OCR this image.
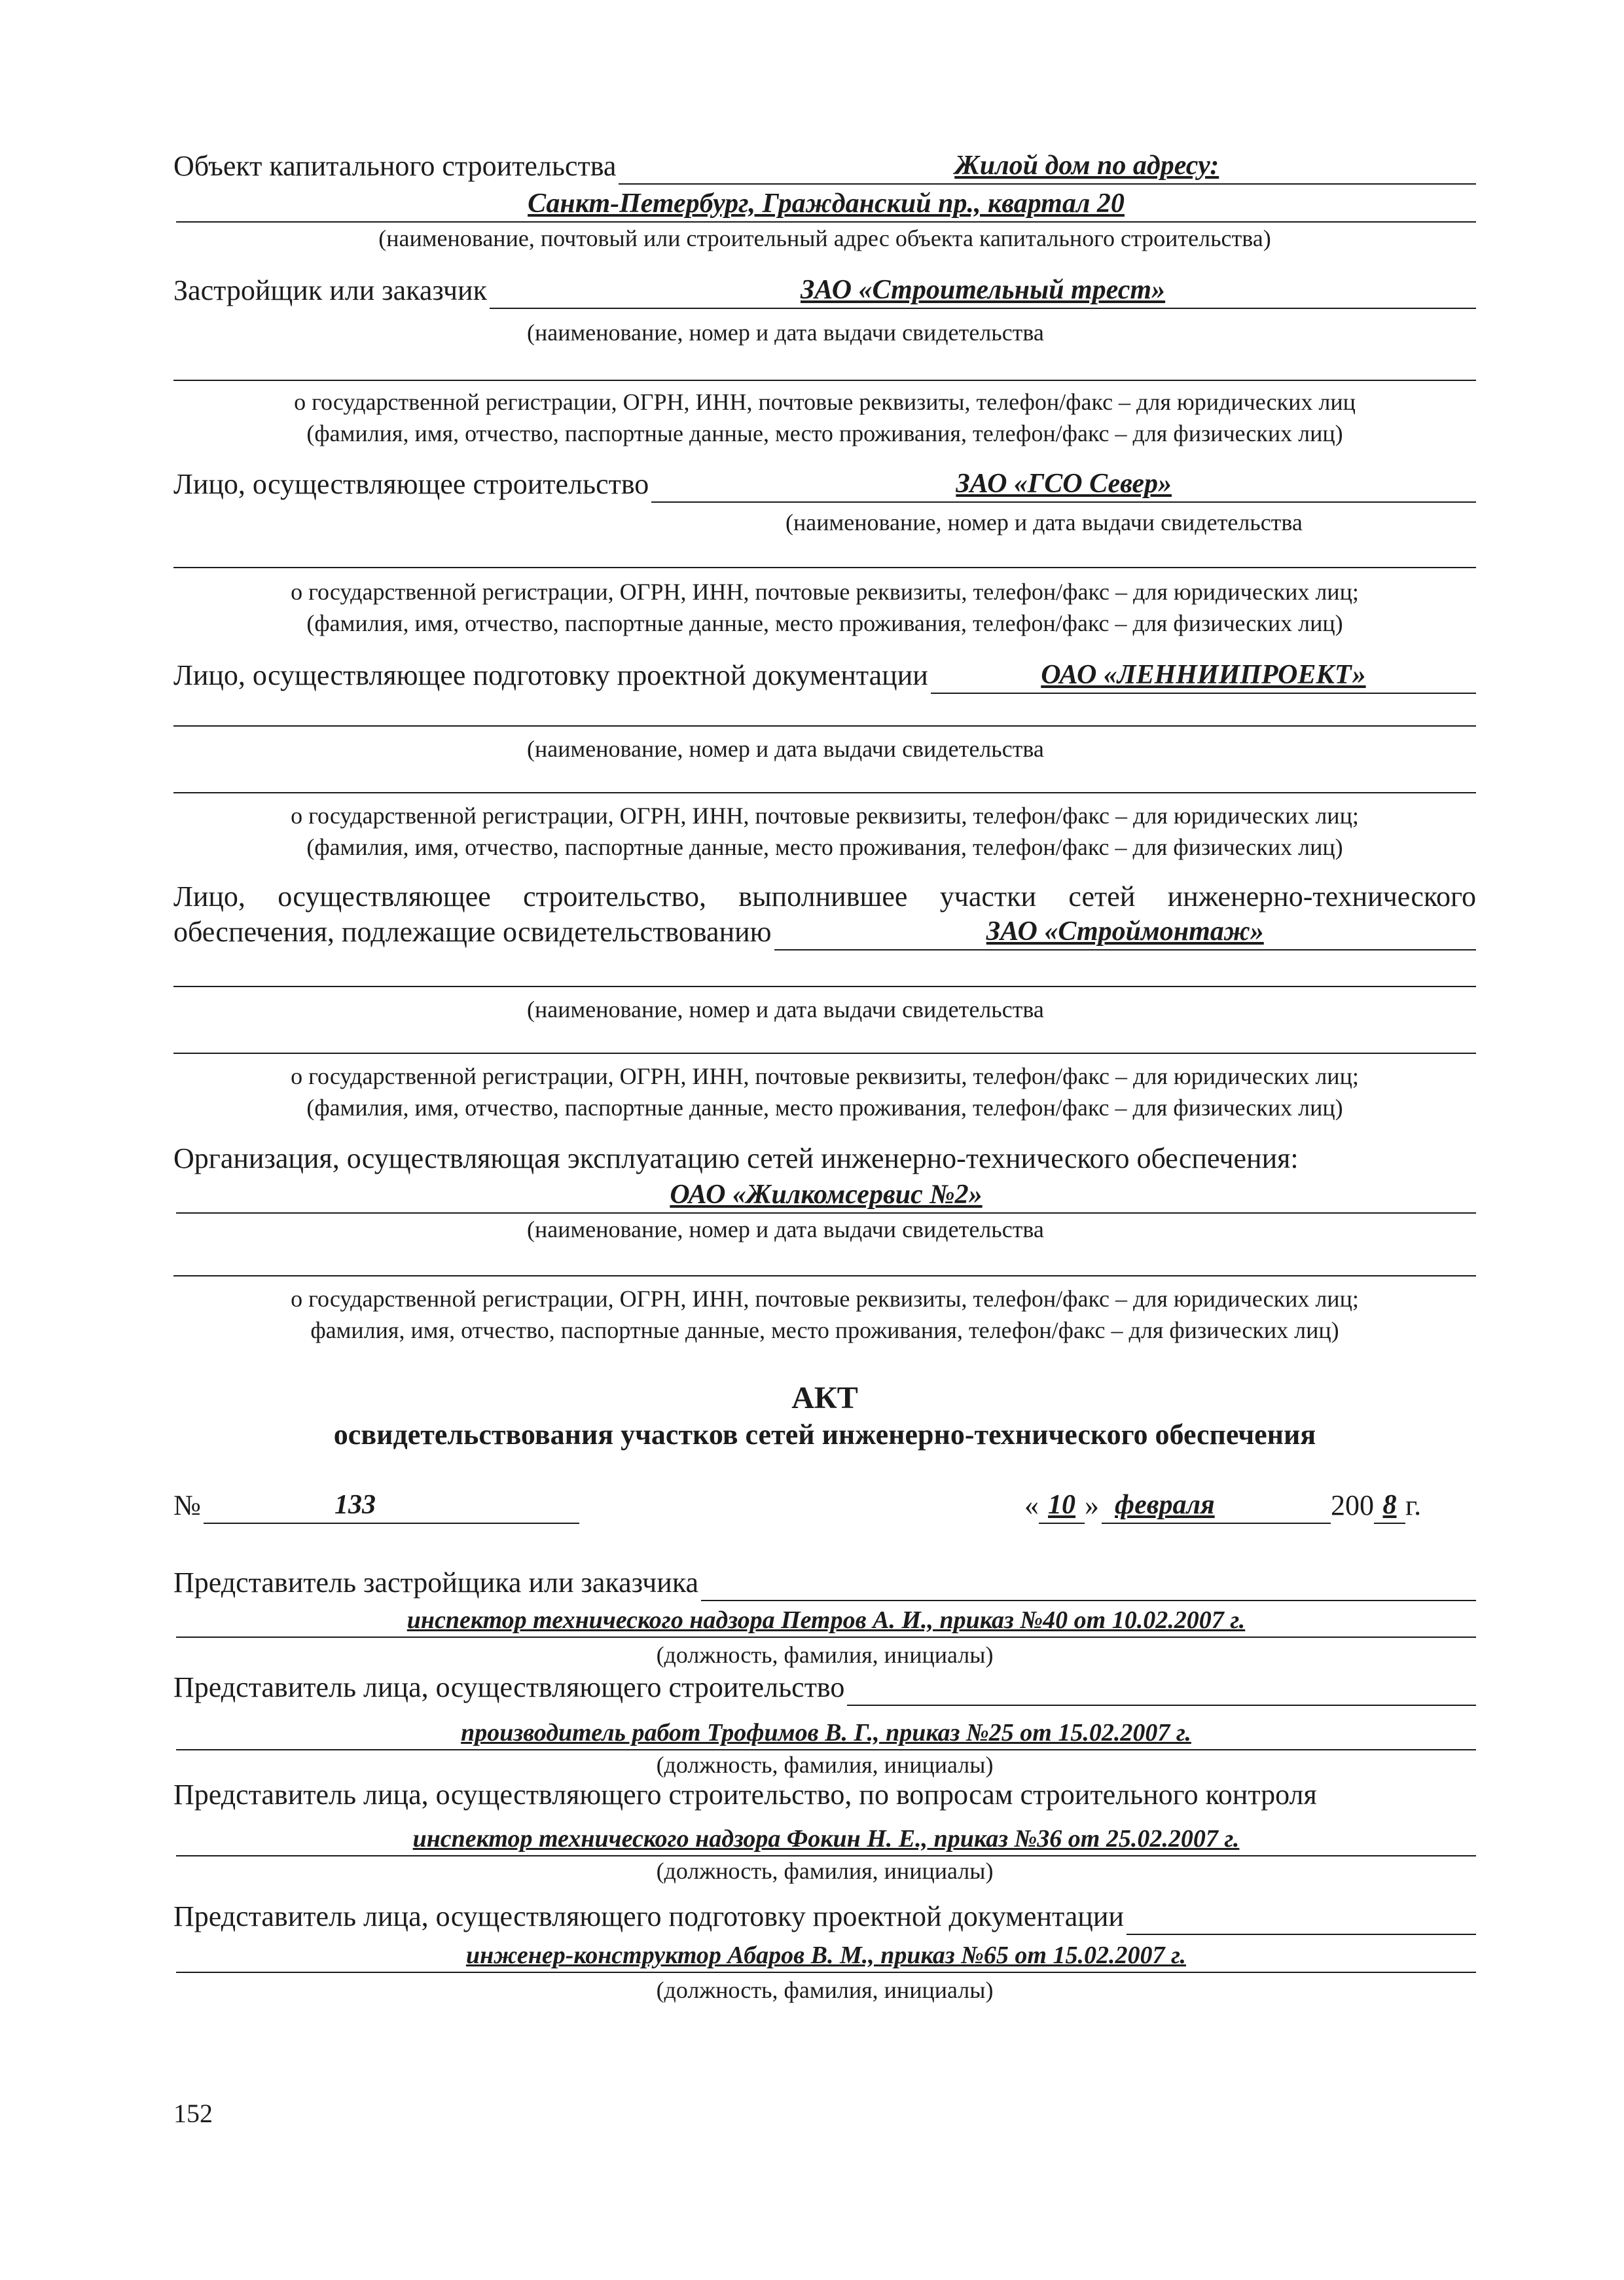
Объект капитального строительства	Жилой дом по адресу:
Санкт-Петербург, Гражданский пр., квартал 20
(наименование, почтовый или строительный адрес объекта капитального строительства)
Застройщик или заказчик	ЗАО «Строительный трест»
(наименование, номер и дата выдачи свидетельства
о государственной регистрации, ОГРН, ИНН, почтовые реквизиты, телефон/факс – для юридических лиц
(фамилия, имя, отчество, паспортные данные, место проживания, телефон/факс – для физических лиц)
Лицо, осуществляющее строительство	ЗАО «ГСО Север»
(наименование, номер и дата выдачи свидетельства
о государственной регистрации, ОГРН, ИНН, почтовые реквизиты, телефон/факс – для юридических лиц;
(фамилия, имя, отчество, паспортные данные, место проживания, телефон/факс – для физических лиц)
Лицо, осуществляющее подготовку проектной документации	ОАО «ЛЕННИИПРОЕКТ»
(наименование, номер и дата выдачи свидетельства
о государственной регистрации, ОГРН, ИНН, почтовые реквизиты, телефон/факс – для юридических лиц;
(фамилия, имя, отчество, паспортные данные, место проживания, телефон/факс – для физических лиц)
Лицо, осуществляющее строительство, выполнившее участки сетей инженерно-технического
обеспечения, подлежащие освидетельствованию	ЗАО «Строймонтаж»
(наименование, номер и дата выдачи свидетельства
о государственной регистрации, ОГРН, ИНН, почтовые реквизиты, телефон/факс – для юридических лиц;
(фамилия, имя, отчество, паспортные данные, место проживания, телефон/факс – для физических лиц)
Организация, осуществляющая эксплуатацию сетей инженерно-технического обеспечения:
ОАО «Жилкомсервис №2»
(наименование, номер и дата выдачи свидетельства
о государственной регистрации, ОГРН, ИНН, почтовые реквизиты, телефон/факс – для юридических лиц;
фамилия, имя, отчество, паспортные данные, место проживания, телефон/факс – для физических лиц)
АКТ
освидетельствования участков сетей инженерно-технического обеспечения
№	133	« 10 » февраля	200 8 г.
Представитель застройщика или заказчика
инспектор технического надзора Петров А. И., приказ №40 от 10.02.2007 г.
(должность, фамилия, инициалы)
Представитель лица, осуществляющего строительство
производитель работ Трофимов В. Г., приказ №25 от 15.02.2007 г.
(должность, фамилия, инициалы)
Представитель лица, осуществляющего строительство, по вопросам строительного контроля
инспектор технического надзора Фокин Н. Е., приказ №36 от 25.02.2007 г.
(должность, фамилия, инициалы)
Представитель лица, осуществляющего подготовку проектной документации
инженер-конструктор Абаров В. М., приказ №65 от 15.02.2007 г.
(должность, фамилия, инициалы)
152
